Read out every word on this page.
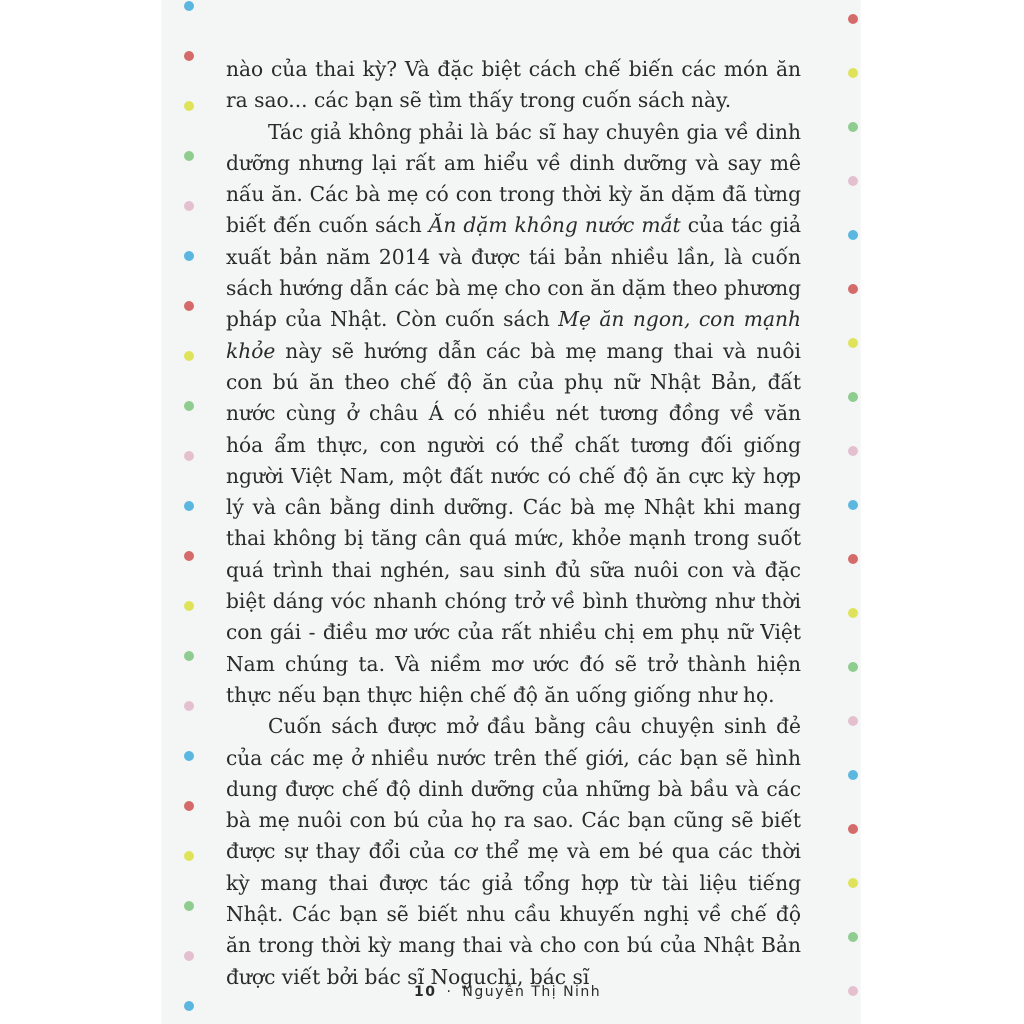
nào của thai kỳ? Và đặc biệt cách chế biến các món ăn ra sao... các bạn sẽ tìm thấy trong cuốn sách này.

Tác giả không phải là bác sĩ hay chuyên gia về dinh dưỡng nhưng lại rất am hiểu về dinh dưỡng và say mê nấu ăn. Các bà mẹ có con trong thời kỳ ăn dặm đã từng biết đến cuốn sách Ăn dặm không nước mắt của tác giả xuất bản năm 2014 và được tái bản nhiều lần, là cuốn sách hướng dẫn các bà mẹ cho con ăn dặm theo phương pháp của Nhật. Còn cuốn sách Mẹ ăn ngon, con mạnh khỏe này sẽ hướng dẫn các bà mẹ mang thai và nuôi con bú ăn theo chế độ ăn của phụ nữ Nhật Bản, đất nước cùng ở châu Á có nhiều nét tương đồng về văn hóa ẩm thực, con người có thể chất tương đối giống người Việt Nam, một đất nước có chế độ ăn cực kỳ hợp lý và cân bằng dinh dưỡng. Các bà mẹ Nhật khi mang thai không bị tăng cân quá mức, khỏe mạnh trong suốt quá trình thai nghén, sau sinh đủ sữa nuôi con và đặc biệt dáng vóc nhanh chóng trở về bình thường như thời con gái - điều mơ ước của rất nhiều chị em phụ nữ Việt Nam chúng ta. Và niềm mơ ước đó sẽ trở thành hiện thực nếu bạn thực hiện chế độ ăn uống giống như họ.

Cuốn sách được mở đầu bằng câu chuyện sinh đẻ của các mẹ ở nhiều nước trên thế giới, các bạn sẽ hình dung được chế độ dinh dưỡng của những bà bầu và các bà mẹ nuôi con bú của họ ra sao. Các bạn cũng sẽ biết được sự thay đổi của cơ thể mẹ và em bé qua các thời kỳ mang thai được tác giả tổng hợp từ tài liệu tiếng Nhật. Các bạn sẽ biết nhu cầu khuyến nghị về chế độ ăn trong thời kỳ mang thai và cho con bú của Nhật Bản được viết bởi bác sĩ Noguchi, bác sĩ

10 · Nguyễn Thị Ninh
